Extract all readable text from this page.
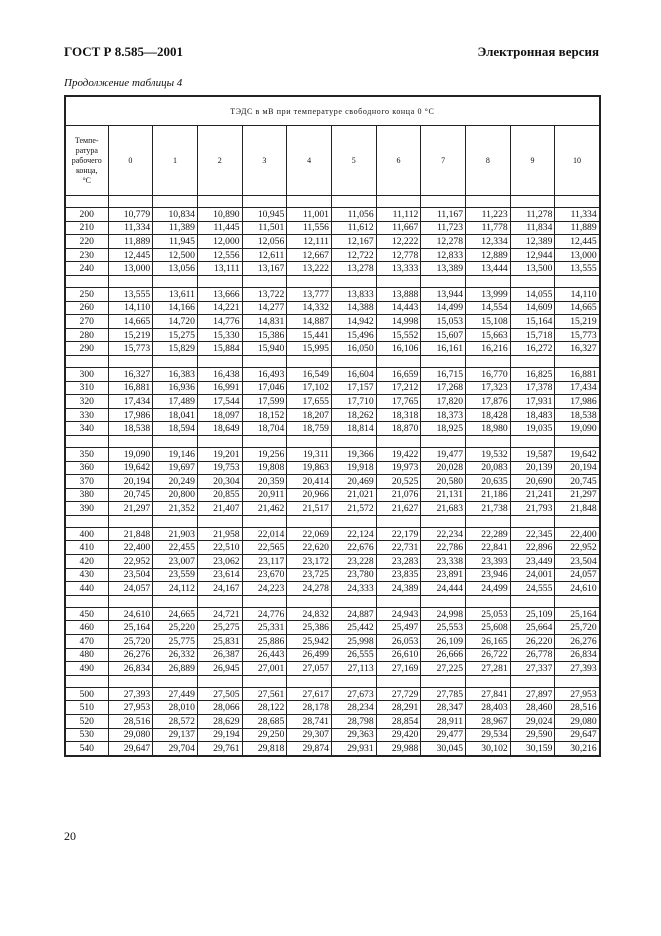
ГОСТ Р 8.585—2001	Электронная версия
Продолжение таблицы 4
ТЭДС в мВ при температуре свободного конца 0 °С											

Темпе-
ратура
рабочего
конца,
°С	0	1	2	3	4	5	6	7	8	9	10

200	10,779	10,834	10,890	10,945	11,001	11,056	11,112	11,167	11,223	11,278	11,334
210	11,334	11,389	11,445	11,501	11,556	11,612	11,667	11,723	11,778	11,834	11,889
220	11,889	11,945	12,000	12,056	12,111	12,167	12,222	12,278	12,334	12,389	12,445
230	12,445	12,500	12,556	12,611	12,667	12,722	12,778	12,833	12,889	12,944	13,000
240	13,000	13,056	13,111	13,167	13,222	13,278	13,333	13,389	13,444	13,500	13,555

250	13,555	13,611	13,666	13,722	13,777	13,833	13,888	13,944	13,999	14,055	14,110
260	14,110	14,166	14,221	14,277	14,332	14,388	14,443	14,499	14,554	14,609	14,665
270	14,665	14,720	14,776	14,831	14,887	14,942	14,998	15,053	15,108	15,164	15,219
280	15,219	15,275	15,330	15,386	15,441	15,496	15,552	15,607	15,663	15,718	15,773
290	15,773	15,829	15,884	15,940	15,995	16,050	16,106	16,161	16,216	16,272	16,327

300	16,327	16,383	16,438	16,493	16,549	16,604	16,659	16,715	16,770	16,825	16,881
310	16,881	16,936	16,991	17,046	17,102	17,157	17,212	17,268	17,323	17,378	17,434
320	17,434	17,489	17,544	17,599	17,655	17,710	17,765	17,820	17,876	17,931	17,986
330	17,986	18,041	18,097	18,152	18,207	18,262	18,318	18,373	18,428	18,483	18,538
340	18,538	18,594	18,649	18,704	18,759	18,814	18,870	18,925	18,980	19,035	19,090

350	19,090	19,146	19,201	19,256	19,311	19,366	19,422	19,477	19,532	19,587	19,642
360	19,642	19,697	19,753	19,808	19,863	19,918	19,973	20,028	20,083	20,139	20,194
370	20,194	20,249	20,304	20,359	20,414	20,469	20,525	20,580	20,635	20,690	20,745
380	20,745	20,800	20,855	20,911	20,966	21,021	21,076	21,131	21,186	21,241	21,297
390	21,297	21,352	21,407	21,462	21,517	21,572	21,627	21,683	21,738	21,793	21,848

400	21,848	21,903	21,958	22,014	22,069	22,124	22,179	22,234	22,289	22,345	22,400
410	22,400	22,455	22,510	22,565	22,620	22,676	22,731	22,786	22,841	22,896	22,952
420	22,952	23,007	23,062	23,117	23,172	23,228	23,283	23,338	23,393	23,449	23,504
430	23,504	23,559	23,614	23,670	23,725	23,780	23,835	23,891	23,946	24,001	24,057
440	24,057	24,112	24,167	24,223	24,278	24,333	24,389	24,444	24,499	24,555	24,610

450	24,610	24,665	24,721	24,776	24,832	24,887	24,943	24,998	25,053	25,109	25,164
460	25,164	25,220	25,275	25,331	25,386	25,442	25,497	25,553	25,608	25,664	25,720
470	25,720	25,775	25,831	25,886	25,942	25,998	26,053	26,109	26,165	26,220	26,276
480	26,276	26,332	26,387	26,443	26,499	26,555	26,610	26,666	26,722	26,778	26,834
490	26,834	26,889	26,945	27,001	27,057	27,113	27,169	27,225	27,281	27,337	27,393

500	27,393	27,449	27,505	27,561	27,617	27,673	27,729	27,785	27,841	27,897	27,953
510	27,953	28,010	28,066	28,122	28,178	28,234	28,291	28,347	28,403	28,460	28,516
520	28,516	28,572	28,629	28,685	28,741	28,798	28,854	28,911	28,967	29,024	29,080
530	29,080	29,137	29,194	29,250	29,307	29,363	29,420	29,477	29,534	29,590	29,647
540	29,647	29,704	29,761	29,818	29,874	29,931	29,988	30,045	30,102	30,159	30,216
20
